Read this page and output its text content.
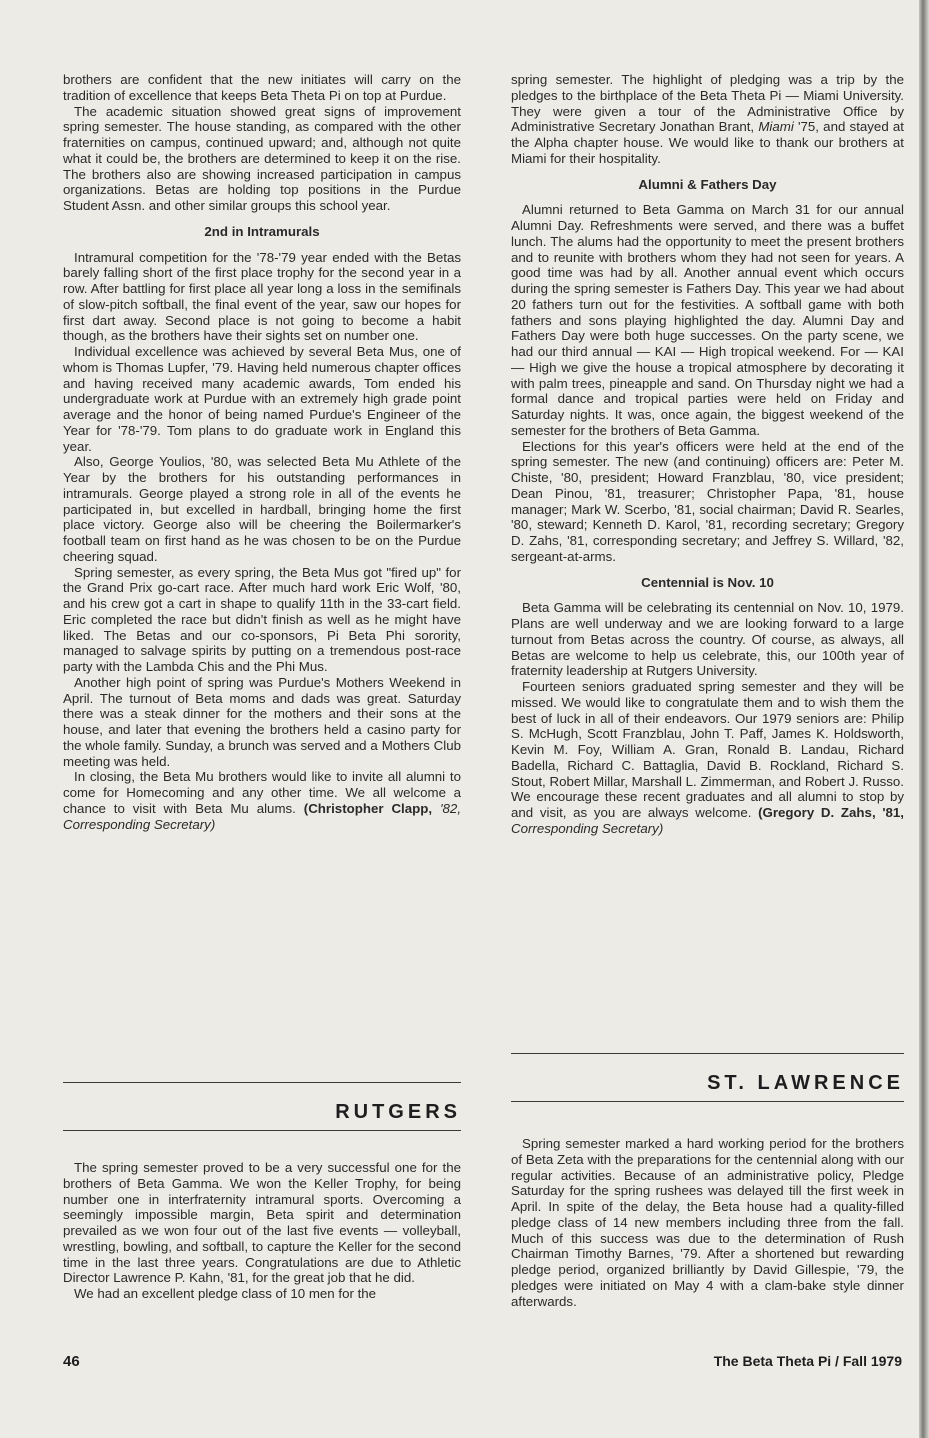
brothers are confident that the new initiates will carry on the tradition of excellence that keeps Beta Theta Pi on top at Purdue.

The academic situation showed great signs of improvement spring semester. The house standing, as compared with the other fraternities on campus, continued upward; and, although not quite what it could be, the brothers are determined to keep it on the rise. The brothers also are showing increased participation in campus organizations. Betas are holding top positions in the Purdue Student Assn. and other similar groups this school year.

2nd in Intramurals

Intramural competition for the '78-'79 year ended with the Betas barely falling short of the first place trophy for the second year in a row. After battling for first place all year long a loss in the semifinals of slow-pitch softball, the final event of the year, saw our hopes for first dart away. Second place is not going to become a habit though, as the brothers have their sights set on number one.

Individual excellence was achieved by several Beta Mus, one of whom is Thomas Lupfer, '79. Having held numerous chapter offices and having received many academic awards, Tom ended his undergraduate work at Purdue with an extremely high grade point average and the honor of being named Purdue's Engineer of the Year for '78-'79. Tom plans to do graduate work in England this year.

Also, George Youlios, '80, was selected Beta Mu Athlete of the Year by the brothers for his outstanding performances in intramurals. George played a strong role in all of the events he participated in, but excelled in hardball, bringing home the first place victory. George also will be cheering the Boilermarker's football team on first hand as he was chosen to be on the Purdue cheering squad.

Spring semester, as every spring, the Beta Mus got "fired up" for the Grand Prix go-cart race. After much hard work Eric Wolf, '80, and his crew got a cart in shape to qualify 11th in the 33-cart field. Eric completed the race but didn't finish as well as he might have liked. The Betas and our co-sponsors, Pi Beta Phi sorority, managed to salvage spirits by putting on a tremendous post-race party with the Lambda Chis and the Phi Mus.

Another high point of spring was Purdue's Mothers Weekend in April. The turnout of Beta moms and dads was great. Saturday there was a steak dinner for the mothers and their sons at the house, and later that evening the brothers held a casino party for the whole family. Sunday, a brunch was served and a Mothers Club meeting was held.

In closing, the Beta Mu brothers would like to invite all alumni to come for Homecoming and any other time. We all welcome a chance to visit with Beta Mu alums. (Christopher Clapp, '82, Corresponding Secretary)

RUTGERS

The spring semester proved to be a very successful one for the brothers of Beta Gamma. We won the Keller Trophy, for being number one in interfraternity intramural sports. Overcoming a seemingly impossible margin, Beta spirit and determination prevailed as we won four out of the last five events — volleyball, wrestling, bowling, and softball, to capture the Keller for the second time in the last three years. Congratulations are due to Athletic Director Lawrence P. Kahn, '81, for the great job that he did.

We had an excellent pledge class of 10 men for the

spring semester. The highlight of pledging was a trip by the pledges to the birthplace of the Beta Theta Pi — Miami University. They were given a tour of the Administrative Office by Administrative Secretary Jonathan Brant, Miami '75, and stayed at the Alpha chapter house. We would like to thank our brothers at Miami for their hospitality.

Alumni & Fathers Day

Alumni returned to Beta Gamma on March 31 for our annual Alumni Day. Refreshments were served, and there was a buffet lunch. The alums had the opportunity to meet the present brothers and to reunite with brothers whom they had not seen for years. A good time was had by all. Another annual event which occurs during the spring semester is Fathers Day. This year we had about 20 fathers turn out for the festivities. A softball game with both fathers and sons playing highlighted the day. Alumni Day and Fathers Day were both huge successes. On the party scene, we had our third annual — KAI — High tropical weekend. For — KAI — High we give the house a tropical atmosphere by decorating it with palm trees, pineapple and sand. On Thursday night we had a formal dance and tropical parties were held on Friday and Saturday nights. It was, once again, the biggest weekend of the semester for the brothers of Beta Gamma.

Elections for this year's officers were held at the end of the spring semester. The new (and continuing) officers are: Peter M. Chiste, '80, president; Howard Franzblau, '80, vice president; Dean Pinou, '81, treasurer; Christopher Papa, '81, house manager; Mark W. Scerbo, '81, social chairman; David R. Searles, '80, steward; Kenneth D. Karol, '81, recording secretary; Gregory D. Zahs, '81, corresponding secretary; and Jeffrey S. Willard, '82, sergeant-at-arms.

Centennial is Nov. 10

Beta Gamma will be celebrating its centennial on Nov. 10, 1979. Plans are well underway and we are looking forward to a large turnout from Betas across the country. Of course, as always, all Betas are welcome to help us celebrate, this, our 100th year of fraternity leadership at Rutgers University.

Fourteen seniors graduated spring semester and they will be missed. We would like to congratulate them and to wish them the best of luck in all of their endeavors. Our 1979 seniors are: Philip S. McHugh, Scott Franzblau, John T. Paff, James K. Holdsworth, Kevin M. Foy, William A. Gran, Ronald B. Landau, Richard Badella, Richard C. Battaglia, David B. Rockland, Richard S. Stout, Robert Millar, Marshall L. Zimmerman, and Robert J. Russo. We encourage these recent graduates and all alumni to stop by and visit, as you are always welcome. (Gregory D. Zahs, '81, Corresponding Secretary)

ST. LAWRENCE

Spring semester marked a hard working period for the brothers of Beta Zeta with the preparations for the centennial along with our regular activities. Because of an administrative policy, Pledge Saturday for the spring rushees was delayed till the first week in April. In spite of the delay, the Beta house had a quality-filled pledge class of 14 new members including three from the fall. Much of this success was due to the determination of Rush Chairman Timothy Barnes, '79. After a shortened but rewarding pledge period, organized brilliantly by David Gillespie, '79, the pledges were initiated on May 4 with a clam-bake style dinner afterwards.

46	The Beta Theta Pi / Fall 1979
